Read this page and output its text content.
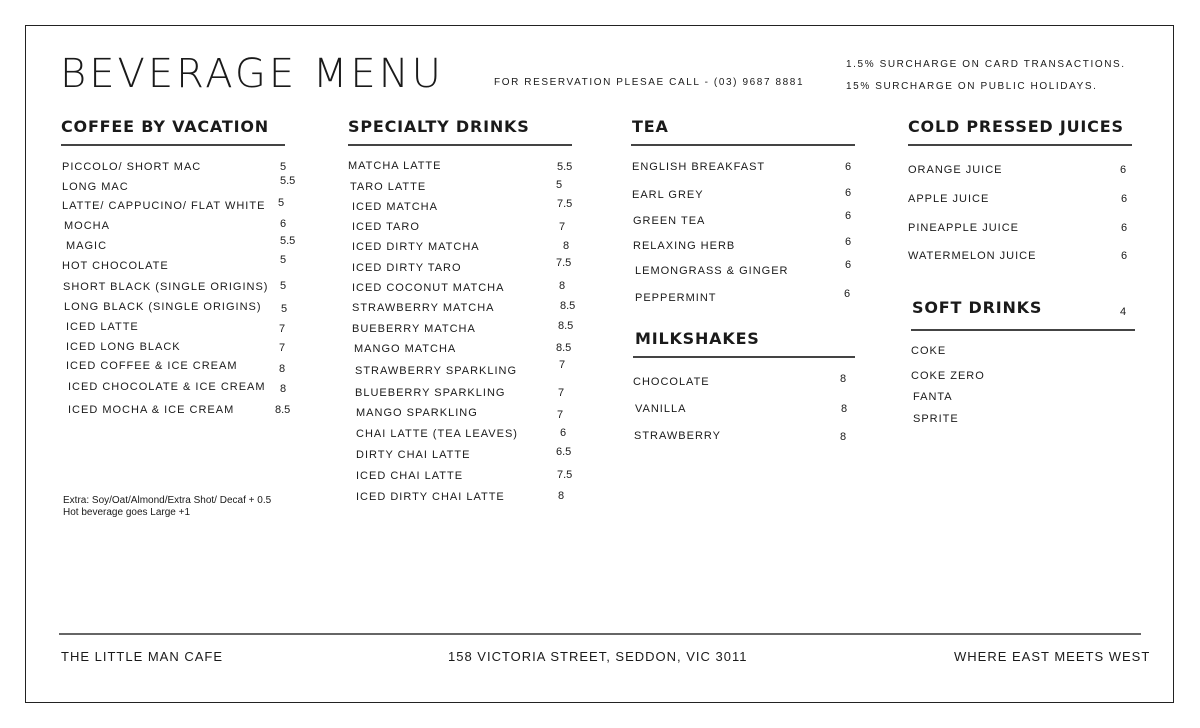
BEVERAGE MENU	FOR RESERVATION PLESAE CALL - (03) 9687 8881
1.5% SURCHARGE ON CARD TRANSACTIONS.
15% SURCHARGE ON PUBLIC HOLIDAYS.
COFFEE BY VACATION
PICCOLO/ SHORT MAC	5
LONG MAC	5.5
LATTE/ CAPPUCINO/ FLAT WHITE 5
MOCHA	6
MAGIC	5.5
HOT CHOCOLATE	5
SHORT BLACK (SINGLE ORIGINS) 5
LONG BLACK (SINGLE ORIGINS) 5
ICED LATTE	7
ICED LONG BLACK	7
ICED COFFEE & ICE CREAM	8
ICED CHOCOLATE & ICE CREAM 8
ICED MOCHA & ICE CREAM	8.5
Extra: Soy/Oat/Almond/Extra Shot/ Decaf + 0.5
Hot beverage goes Large +1
SPECIALTY DRINKS
MATCHA LATTE	5.5
TARO LATTE	5
ICED MATCHA	7.5
ICED TARO	7
ICED DIRTY MATCHA	8
ICED DIRTY TARO	7.5
ICED COCONUT MATCHA	8
STRAWBERRY MATCHA	8.5
BUEBERRY MATCHA	8.5
MANGO MATCHA	8.5
STRAWBERRY SPARKLING	7
BLUEBERRY SPARKLING	7
MANGO SPARKLING	7
CHAI LATTE (TEA LEAVES)	6
DIRTY CHAI LATTE	6.5
ICED CHAI LATTE	7.5
ICED DIRTY CHAI LATTE	8
TEA
ENGLISH BREAKFAST	6
EARL GREY	6
GREEN TEA	6
RELAXING HERB	6
LEMONGRASS & GINGER	6
PEPPERMINT	6
MILKSHAKES
CHOCOLATE	8
VANILLA	8
STRAWBERRY	8
COLD PRESSED JUICES
ORANGE JUICE	6
APPLE JUICE	6
PINEAPPLE JUICE	6
WATERMELON JUICE	6
SOFT DRINKS	4
COKE
COKE ZERO
FANTA
SPRITE
THE LITTLE MAN CAFE	158 VICTORIA STREET, SEDDON, VIC 3011	WHERE EAST MEETS WEST
